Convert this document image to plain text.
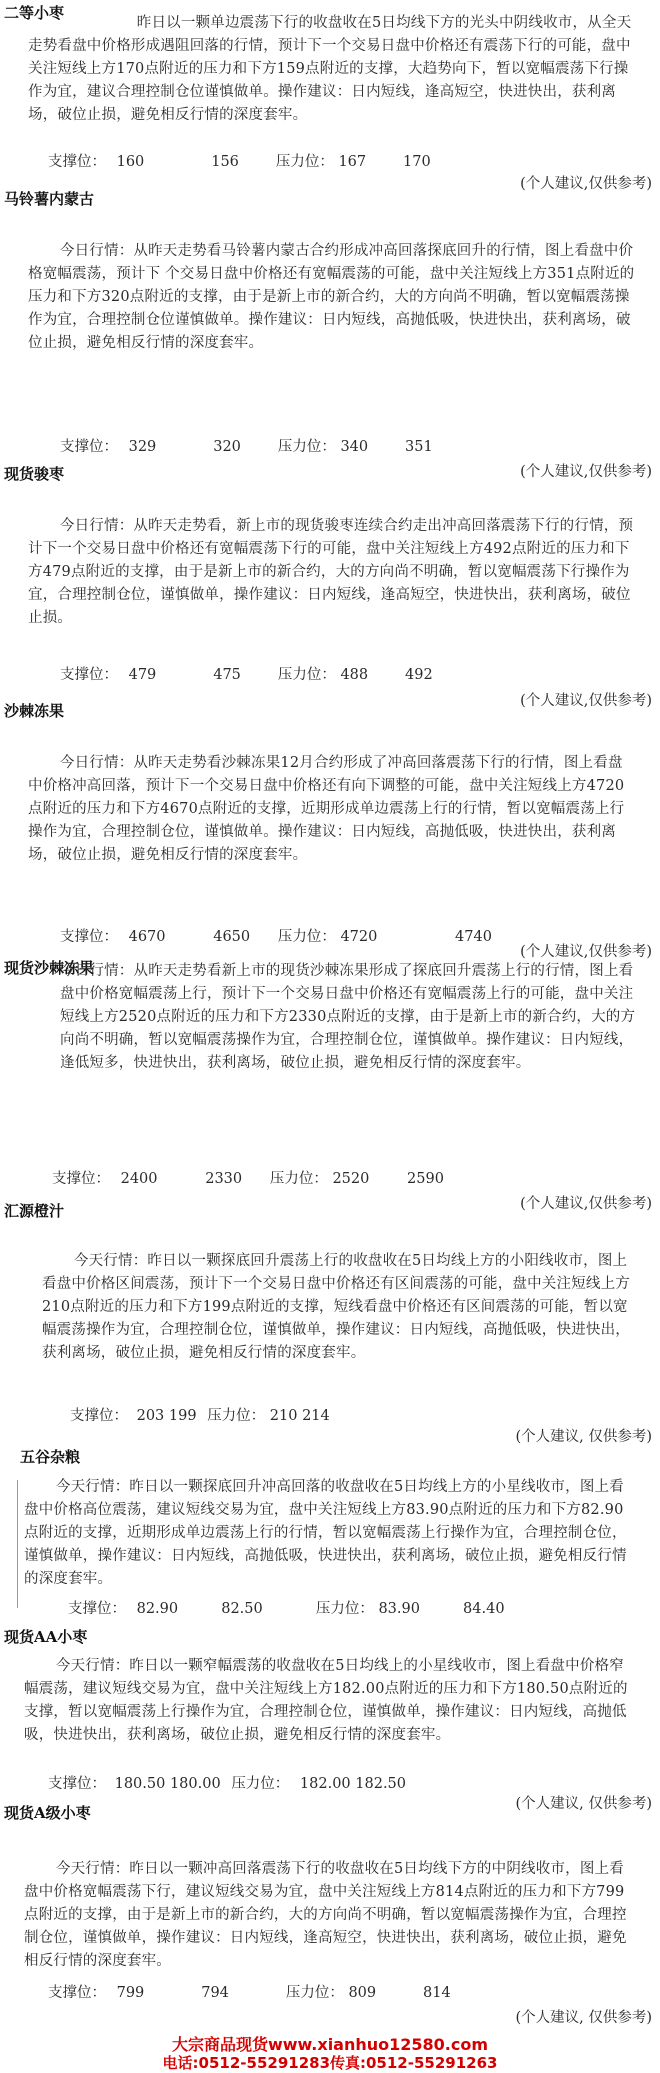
二等小枣
昨日以一颗单边震荡下行的收盘收在5日均线下方的光头中阴线收市，从全天走势看盘中价格形成遇阻回落的行情，预计下一个交易日盘中价格还有震荡下行的可能，盘中关注短线上方170点附近的压力和下方159点附近的支撑，大趋势向下，暂以宽幅震荡下行操作为宜，建议合理控制仓位谨慎做单。操作建议：日内短线，逢高短空，快进快出，获利离场，破位止损，避免相反行情的深度套牢。
支撑位： 160	156	压力位： 167	170
(个人建议,仅供参考)
马铃薯内蒙古
今日行情：从昨天走势看马铃薯内蒙古合约形成冲高回落探底回升的行情，图上看盘中价格宽幅震荡，预计下 个交易日盘中价格还有宽幅震荡的可能，盘中关注短线上方351点附近的压力和下方320点附近的支撑，由于是新上市的新合约，大的方向尚不明确，暂以宽幅震荡操作为宜，合理控制仓位谨慎做单。操作建议：日内短线，高抛低吸，快进快出，获利离场，破位止损，避免相反行情的深度套牢。
支撑位： 329	320	压力位： 340	351
现货骏枣	(个人建议,仅供参考)
今日行情：从昨天走势看，新上市的现货骏枣连续合约走出冲高回落震荡下行的行情，预计下一个交易日盘中价格还有宽幅震荡下行的可能，盘中关注短线上方492点附近的压力和下方479点附近的支撑，由于是新上市的新合约，大的方向尚不明确，暂以宽幅震荡下行操作为宜，合理控制仓位，谨慎做单，操作建议：日内短线，逢高短空，快进快出，获利离场，破位止损。
支撑位： 479	475	压力位： 488	492
(个人建议,仅供参考)
沙棘冻果
今日行情：从昨天走势看沙棘冻果12月合约形成了冲高回落震荡下行的行情，图上看盘中价格冲高回落，预计下一个交易日盘中价格还有向下调整的可能，盘中关注短线上方4720点附近的压力和下方4670点附近的支撑，近期形成单边震荡上行的行情，暂以宽幅震荡上行操作为宜，合理控制仓位，谨慎做单。操作建议：日内短线，高抛低吸，快进快出，获利离场，破位止损，避免相反行情的深度套牢。
支撑位： 4670	4650 压力位： 4720	4740
(个人建议,仅供参考)
现货沙棘冻果
今日行情：从昨天走势看新上市的现货沙棘冻果形成了探底回升震荡上行的行情，图上看盘中价格宽幅震荡上行，预计下一个交易日盘中价格还有宽幅震荡上行的可能，盘中关注短线上方2520点附近的压力和下方2330点附近的支撑，由于是新上市的新合约，大的方向尚不明确，暂以宽幅震荡操作为宜，合理控制仓位，谨慎做单。操作建议：日内短线，逢低短多，快进快出，获利离场，破位止损，避免相反行情的深度套牢。
支撑位： 2400	2330 压力位： 2520	2590
(个人建议,仅供参考)
汇源橙汁
今天行情：昨日以一颗探底回升震荡上行的收盘收在5日均线上方的小阳线收市，图上看盘中价格区间震荡，预计下一个交易日盘中价格还有区间震荡的可能，盘中关注短线上方210点附近的压力和下方199点附近的支撑，短线看盘中价格还有区间震荡的可能，暂以宽幅震荡操作为宜，合理控制仓位，谨慎做单，操作建议：日内短线，高抛低吸，快进快出，获利离场，破位止损，避免相反行情的深度套牢。
支撑位： 203 199 压力位： 210 214
(个人建议, 仅供参考)
五谷杂粮
今天行情：昨日以一颗探底回升冲高回落的收盘收在5日均线上方的小星线收市，图上看盘中价格高位震荡，建议短线交易为宜，盘中关注短线上方83.90点附近的压力和下方82.90点附近的支撑，近期形成单边震荡上行的行情，暂以宽幅震荡上行操作为宜，合理控制仓位，谨慎做单，操作建议：日内短线，高抛低吸，快进快出，获利离场，破位止损，避免相反行情的深度套牢。
支撑位： 82.90	82.50	压力位： 83.90	84.40
现货AA小枣
今天行情：昨日以一颗窄幅震荡的收盘收在5日均线上的小星线收市，图上看盘中价格窄幅震荡，建议短线交易为宜，盘中关注短线上方182.00点附近的压力和下方180.50点附近的支撑，暂以宽幅震荡上行操作为宜，合理控制仓位，谨慎做单，操作建议：日内短线，高抛低吸，快进快出，获利离场，破位止损，避免相反行情的深度套牢。
支撑位： 180.50 180.00 压力位： 182.00 182.50
(个人建议, 仅供参考)
现货A级小枣
今天行情：昨日以一颗冲高回落震荡下行的收盘收在5日均线下方的中阴线收市，图上看盘中价格宽幅震荡下行，建议短线交易为宜，盘中关注短线上方814点附近的压力和下方799点附近的支撑，由于是新上市的新合约，大的方向尚不明确，暂以宽幅震荡操作为宜，合理控制仓位，谨慎做单，操作建议：日内短线，逢高短空，快进快出，获利离场，破位止损，避免相反行情的深度套牢。
支撑位： 799	794	压力位： 809	814
(个人建议, 仅供参考)
大宗商品现货www.xianhuo12580.com
电话:0512-55291283传真:0512-55291263
